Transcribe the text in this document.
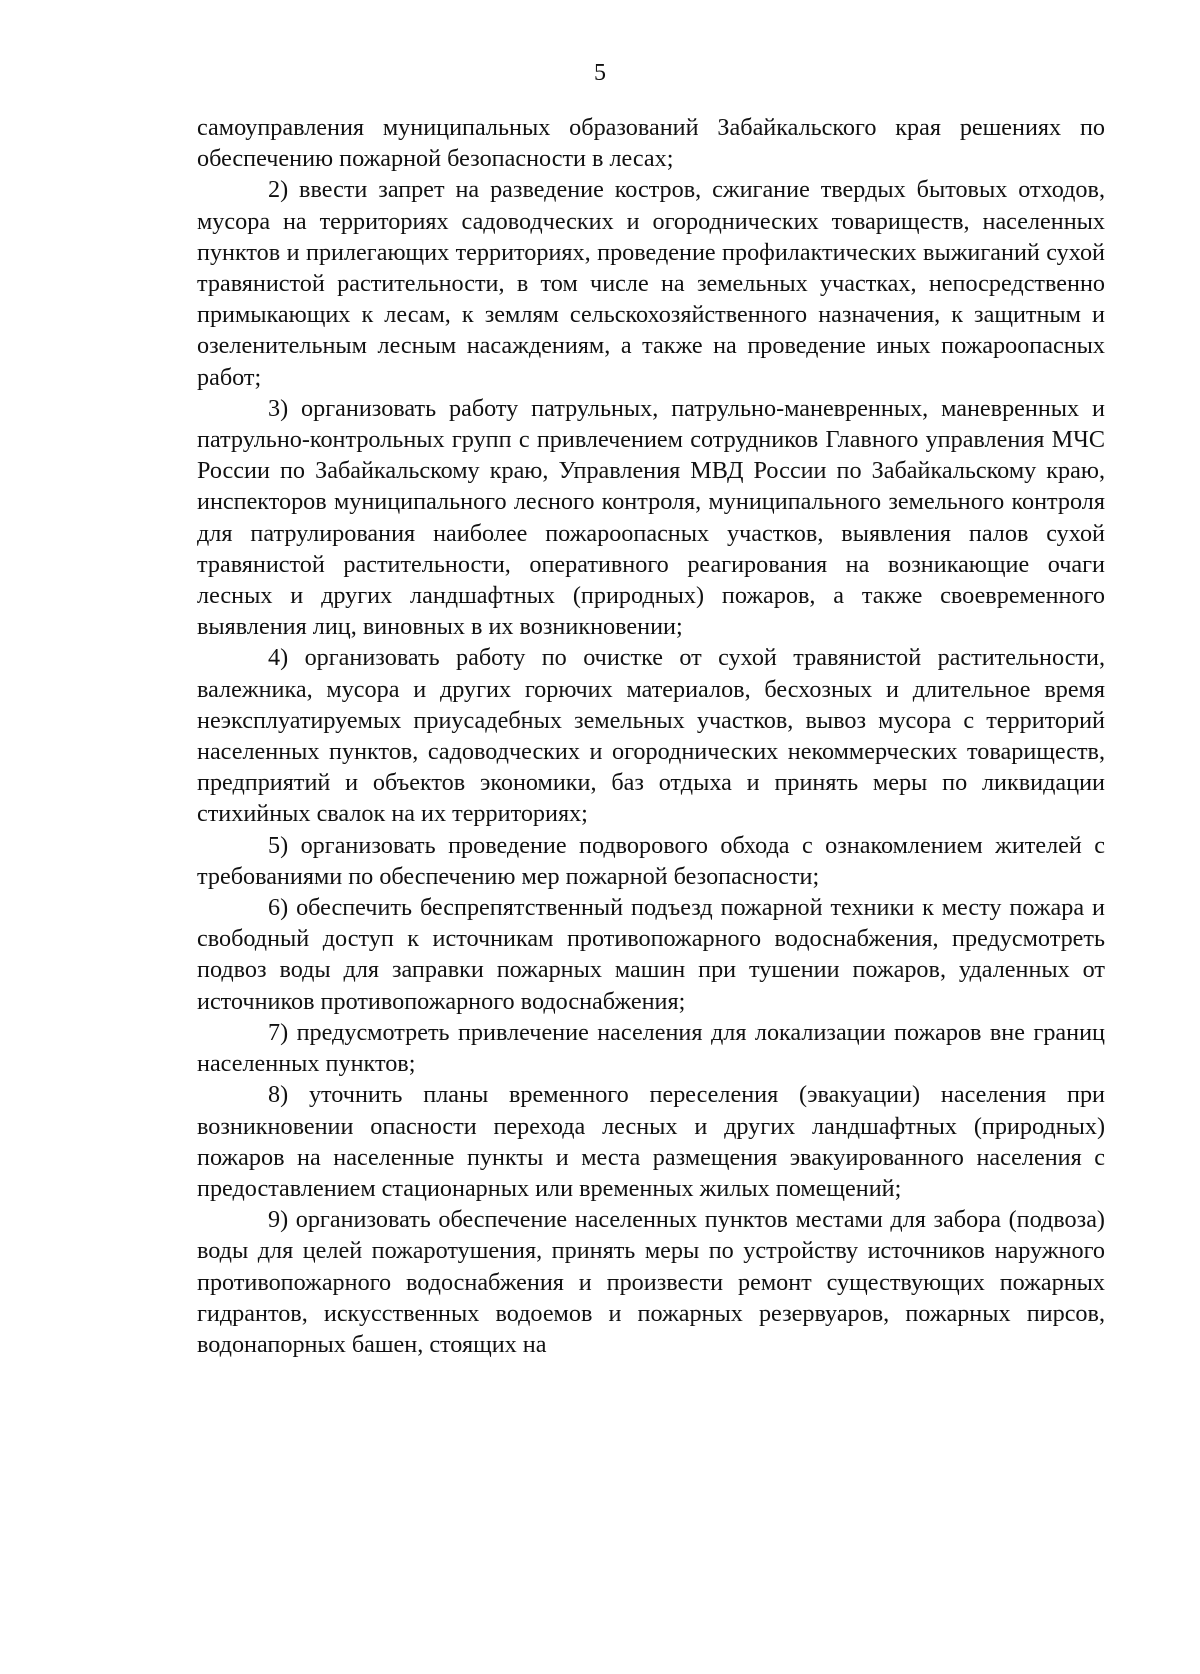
5

самоуправления муниципальных образований Забайкальского края решениях по обеспечению пожарной безопасности в лесах;

2) ввести запрет на разведение костров, сжигание твердых бытовых отходов, мусора на территориях садоводческих и огороднических товариществ, населенных пунктов и прилегающих территориях, проведение профилактических выжиганий сухой травянистой растительности, в том числе на земельных участках, непосредственно примыкающих к лесам, к землям сельскохозяйственного назначения, к защитным и озеленительным лесным насаждениям, а также на проведение иных пожароопасных работ;

3) организовать работу патрульных, патрульно-маневренных, маневренных и патрульно-контрольных групп с привлечением сотрудников Главного управления МЧС России по Забайкальскому краю, Управления МВД России по Забайкальскому краю, инспекторов муниципального лесного контроля, муниципального земельного контроля для патрулирования наиболее пожароопасных участков, выявления палов сухой травянистой растительности, оперативного реагирования на возникающие очаги лесных и других ландшафтных (природных) пожаров, а также своевременного выявления лиц, виновных в их возникновении;

4) организовать работу по очистке от сухой травянистой растительности, валежника, мусора и других горючих материалов, бесхозных и длительное время неэксплуатируемых приусадебных земельных участков, вывоз мусора с территорий населенных пунктов, садоводческих и огороднических некоммерческих товариществ, предприятий и объектов экономики, баз отдыха и принять меры по ликвидации стихийных свалок на их территориях;

5) организовать проведение подворового обхода с ознакомлением жителей с требованиями по обеспечению мер пожарной безопасности;

6) обеспечить беспрепятственный подъезд пожарной техники к месту пожара и свободный доступ к источникам противопожарного водоснабжения, предусмотреть подвоз воды для заправки пожарных машин при тушении пожаров, удаленных от источников противопожарного водоснабжения;

7) предусмотреть привлечение населения для локализации пожаров вне границ населенных пунктов;

8) уточнить планы временного переселения (эвакуации) населения при возникновении опасности перехода лесных и других ландшафтных (природных) пожаров на населенные пункты и места размещения эвакуированного населения с предоставлением стационарных или временных жилых помещений;

9) организовать обеспечение населенных пунктов местами для забора (подвоза) воды для целей пожаротушения, принять меры по устройству источников наружного противопожарного водоснабжения и произвести ремонт существующих пожарных гидрантов, искусственных водоемов и пожарных резервуаров, пожарных пирсов, водонапорных башен, стоящих на
